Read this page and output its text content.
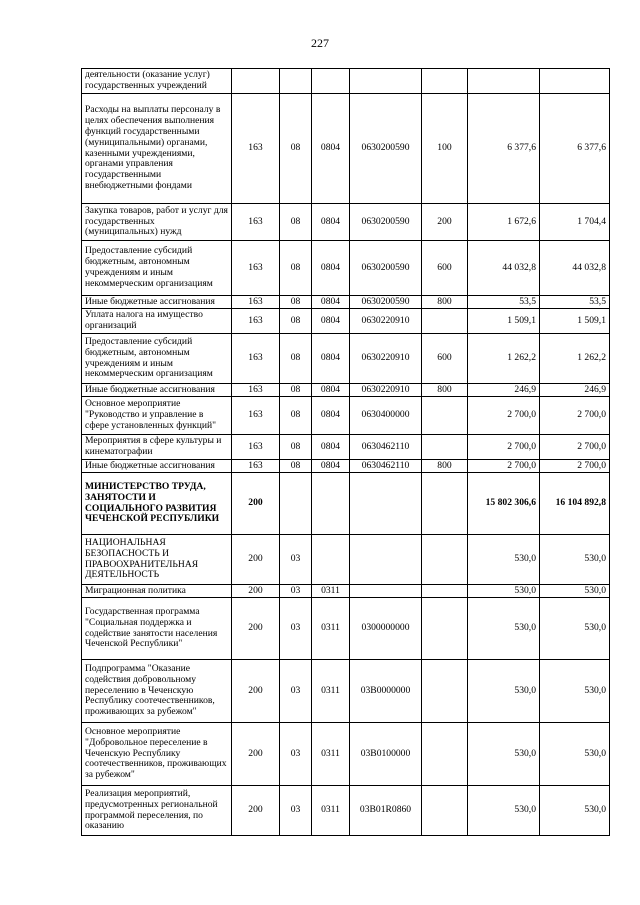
227
деятельности (оказание услуг) государственных учреждений							
Расходы на выплаты персоналу в целях обеспечения выполнения функций государственными (муниципальными) органами, казенными учреждениями, органами управления государственными внебюджетными фондами	163	08	0804	0630200590	100	6 377,6	6 377,6
Закупка товаров, работ и услуг для государственных (муниципальных) нужд	163	08	0804	0630200590	200	1 672,6	1 704,4
Предоставление субсидий бюджетным, автономным учреждениям и иным некоммерческим организациям	163	08	0804	0630200590	600	44 032,8	44 032,8
Иные бюджетные ассигнования	163	08	0804	0630200590	800	53,5	53,5
Уплата налога на имущество организаций	163	08	0804	0630220910		1 509,1	1 509,1
Предоставление субсидий бюджетным, автономным учреждениям и иным некоммерческим организациям	163	08	0804	0630220910	600	1 262,2	1 262,2
Иные бюджетные ассигнования	163	08	0804	0630220910	800	246,9	246,9
Основное мероприятие "Руководство и управление в сфере установленных функций"	163	08	0804	0630400000		2 700,0	2 700,0
Мероприятия в сфере культуры и кинематографии	163	08	0804	0630462110		2 700,0	2 700,0
Иные бюджетные ассигнования	163	08	0804	0630462110	800	2 700,0	2 700,0
МИНИСТЕРСТВО ТРУДА, ЗАНЯТОСТИ И СОЦИАЛЬНОГО РАЗВИТИЯ ЧЕЧЕНСКОЙ РЕСПУБЛИКИ	200					15 802 306,6	16 104 892,8
НАЦИОНАЛЬНАЯ БЕЗОПАСНОСТЬ И ПРАВООХРАНИТЕЛЬНАЯ ДЕЯТЕЛЬНОСТЬ	200	03				530,0	530,0
Миграционная политика	200	03	0311			530,0	530,0
Государственная программа "Социальная поддержка и содействие занятости населения Чеченской Республики"	200	03	0311	0300000000		530,0	530,0
Подпрограмма "Оказание содействия добровольному переселению в Чеченскую Республику соотечественников, проживающих за рубежом"	200	03	0311	03В0000000		530,0	530,0
Основное мероприятие "Добровольное переселение в Чеченскую Республику соотечественников, проживающих за рубежом"	200	03	0311	03В0100000		530,0	530,0
Реализация мероприятий, предусмотренных региональной программой переселения, по оказанию	200	03	0311	03В01R0860		530,0	530,0
